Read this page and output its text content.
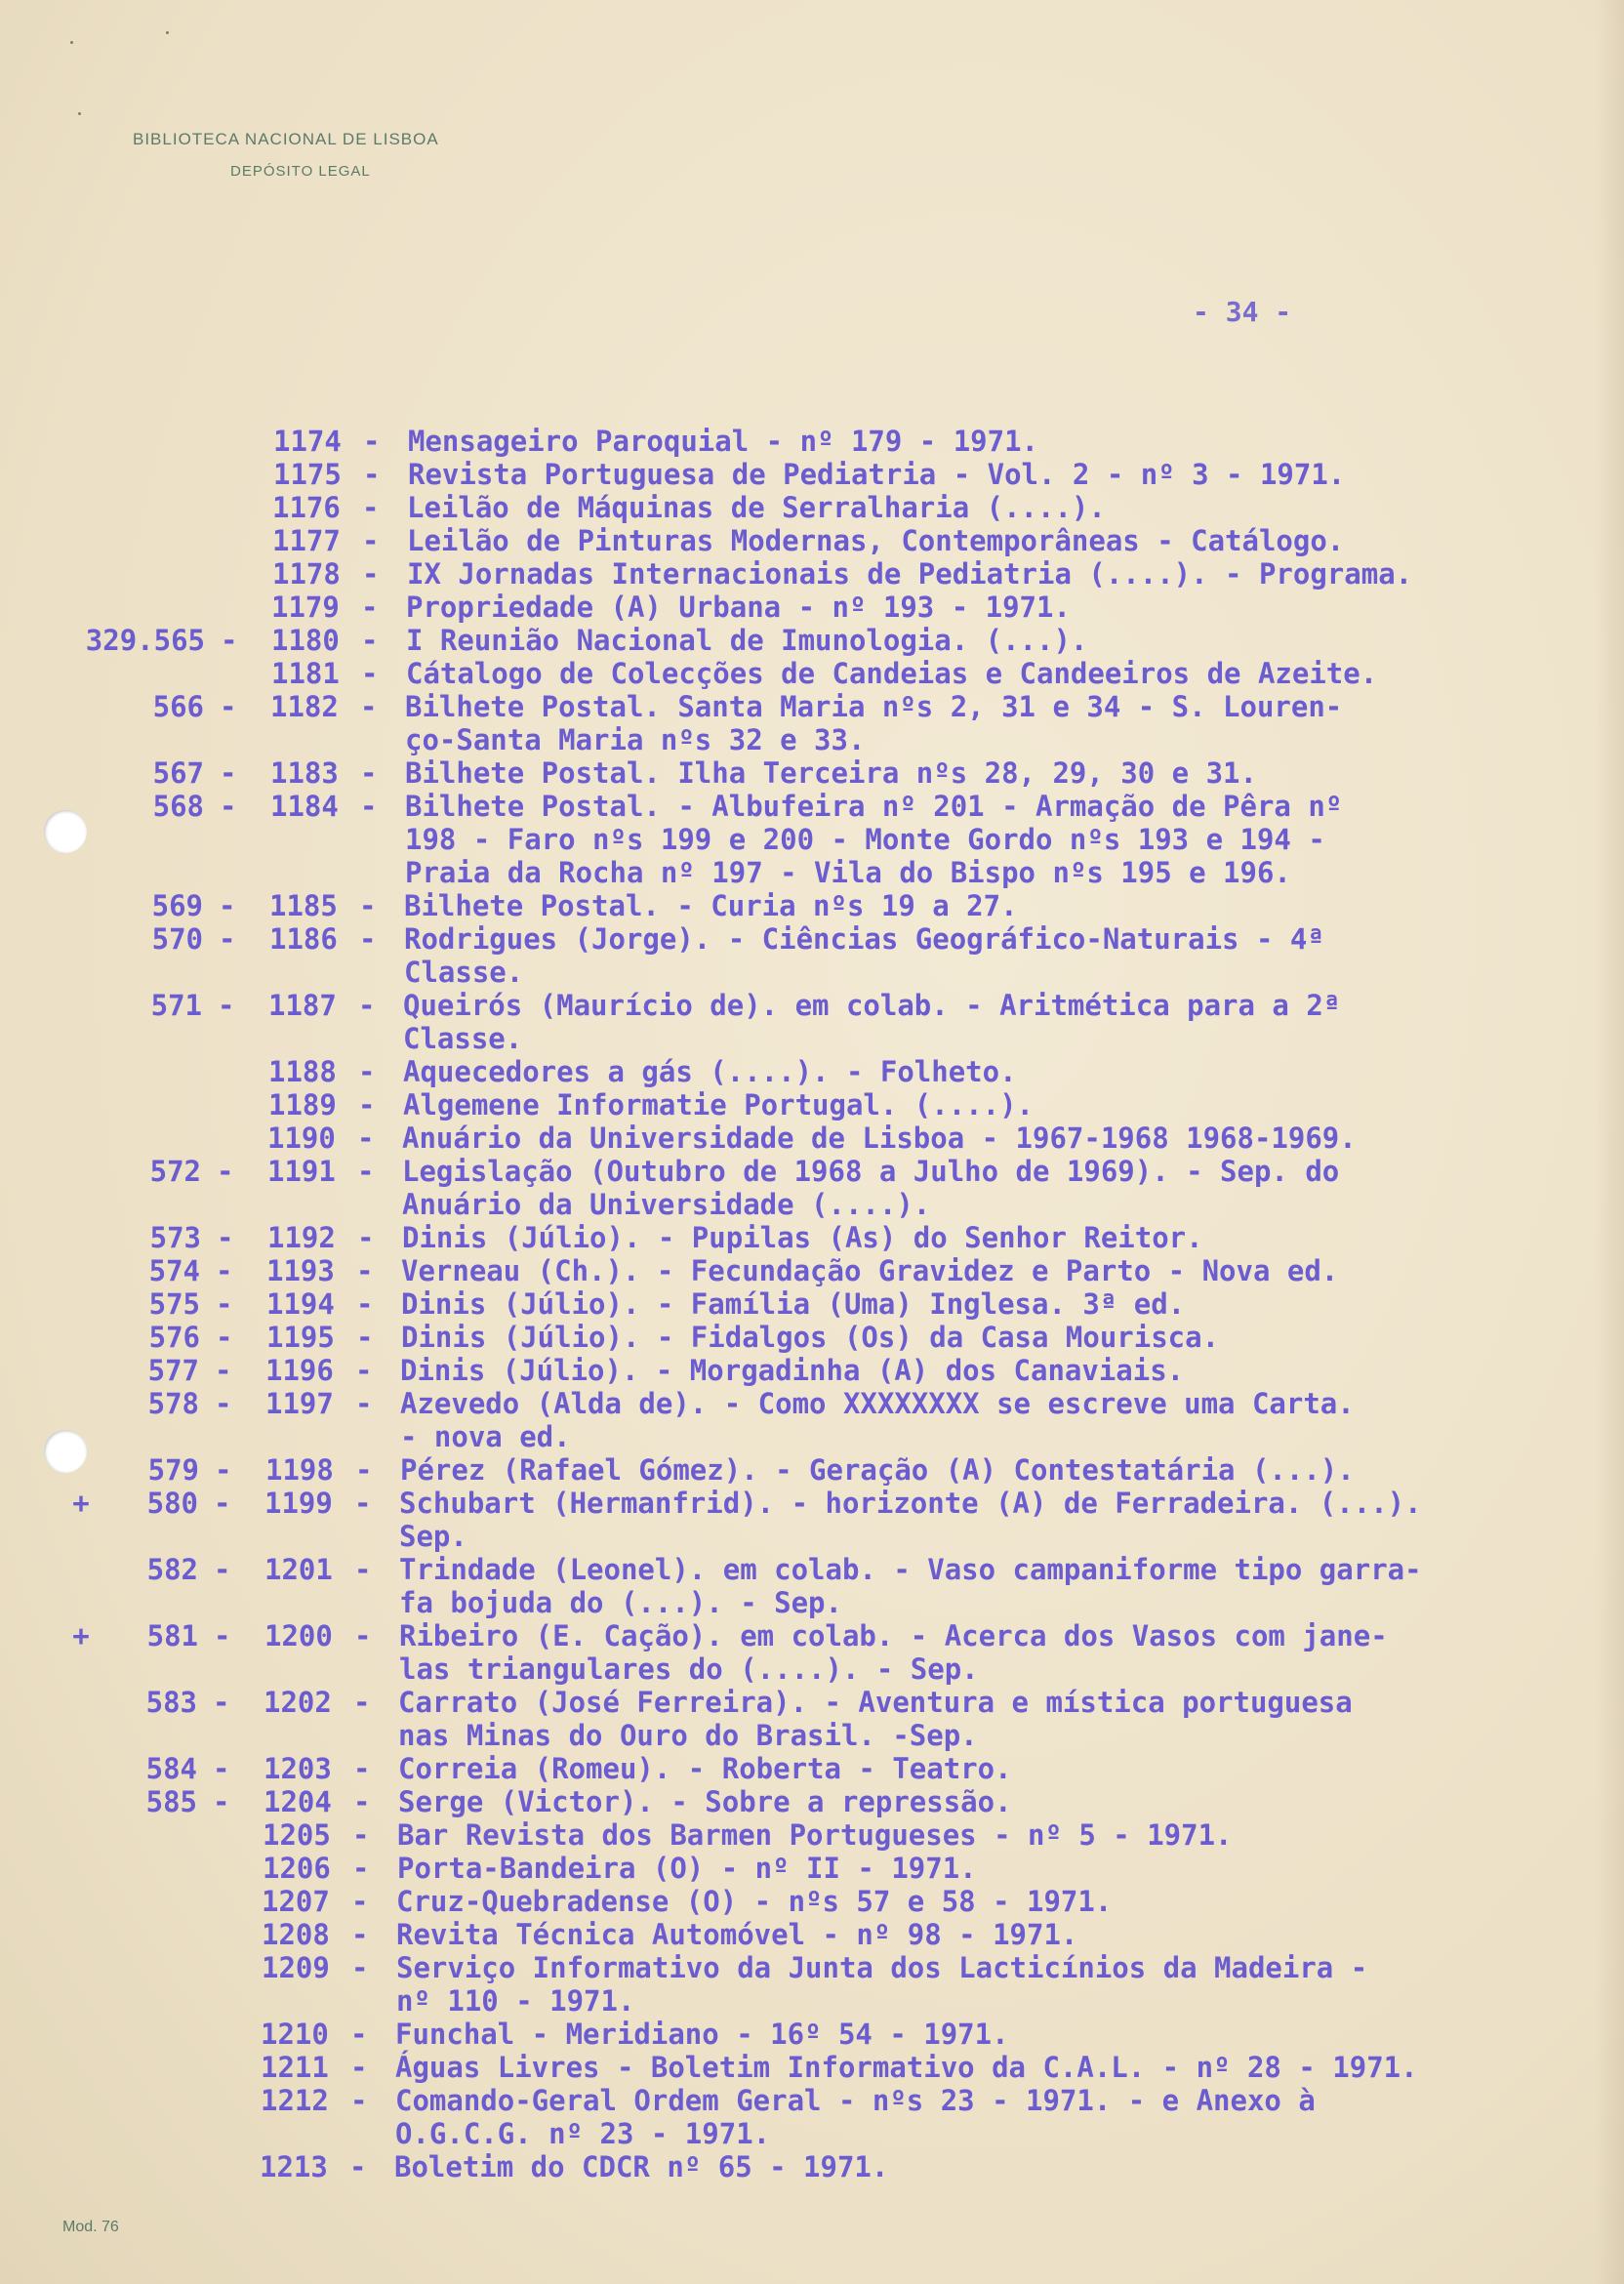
BIBLIOTECA NACIONAL DE LISBOA
DEPÓSITO LEGAL
- 34 -
1174 - Mensageiro Paroquial - nº 179 - 1971.
1175 - Revista Portuguesa de Pediatria - Vol. 2 - nº 3 - 1971.
1176 - Leilão de Máquinas de Serralharia (....).
1177 - Leilão de Pinturas Modernas, Contemporâneas - Catálogo.
1178 - IX Jornadas Internacionais de Pediatria (....). - Programa.
1179 - Propriedade (A) Urbana - nº 193 - 1971.
329.565 - 1180 - I Reunião Nacional de Imunologia. (...).
1181 - Cátalogo de Colecções de Candeias e Candeeiros de Azeite.
566 - 1182 - Bilhete Postal. Santa Maria nºs 2, 31 e 34 - S. Louren-
ço-Santa Maria nºs 32 e 33.
567 - 1183 - Bilhete Postal. Ilha Terceira nºs 28, 29, 30 e 31.
568 - 1184 - Bilhete Postal. - Albufeira nº 201 - Armação de Pêra nº
198 - Faro nºs 199 e 200 - Monte Gordo nºs 193 e 194 -
Praia da Rocha nº 197 - Vila do Bispo nºs 195 e 196.
569 - 1185 - Bilhete Postal. - Curia nºs 19 a 27.
570 - 1186 - Rodrigues (Jorge). - Ciências Geográfico-Naturais - 4ª
Classe.
571 - 1187 - Queirós (Maurício de). em colab. - Aritmética para a 2ª
Classe.
1188 - Aquecedores a gás (....). - Folheto.
1189 - Algemene Informatie Portugal. (....).
1190 - Anuário da Universidade de Lisboa - 1967-1968 1968-1969.
572 - 1191 - Legislação (Outubro de 1968 a Julho de 1969). - Sep. do
Anuário da Universidade (....).
573 - 1192 - Dinis (Júlio). - Pupilas (As) do Senhor Reitor.
574 - 1193 - Verneau (Ch.). - Fecundação Gravidez e Parto - Nova ed.
575 - 1194 - Dinis (Júlio). - Família (Uma) Inglesa. 3ª ed.
576 - 1195 - Dinis (Júlio). - Fidalgos (Os) da Casa Mourisca.
577 - 1196 - Dinis (Júlio). - Morgadinha (A) dos Canaviais.
578 - 1197 - Azevedo (Alda de). - Como XXXXXXXX se escreve uma Carta.
- nova ed.
579 - 1198 - Pérez (Rafael Gómez). - Geração (A) Contestatária (...).
+	580 - 1199 - Schubart (Hermanfrid). - horizonte (A) de Ferradeira. (...).
Sep.
582 - 1201 - Trindade (Leonel). em colab. - Vaso campaniforme tipo garra-
fa bojuda do (...). - Sep.
+	581 - 1200 - Ribeiro (E. Cação). em colab. - Acerca dos Vasos com jane-
las triangulares do (....). - Sep.
583 - 1202 - Carrato (José Ferreira). - Aventura e mística portuguesa
nas Minas do Ouro do Brasil. -Sep.
584 - 1203 - Correia (Romeu). - Roberta - Teatro.
585 - 1204 - Serge (Victor). - Sobre a repressão.
1205 - Bar Revista dos Barmen Portugueses - nº 5 - 1971.
1206 - Porta-Bandeira (O) - nº II - 1971.
1207 - Cruz-Quebradense (O) - nºs 57 e 58 - 1971.
1208 - Revita Técnica Automóvel - nº 98 - 1971.
1209 - Serviço Informativo da Junta dos Lacticínios da Madeira -
nº 110 - 1971.
1210 - Funchal - Meridiano - 16º 54 - 1971.
1211 - Águas Livres - Boletim Informativo da C.A.L. - nº 28 - 1971.
1212 - Comando-Geral Ordem Geral - nºs 23 - 1971. - e Anexo à
O.G.C.G. nº 23 - 1971.
1213 - Boletim do CDCR nº 65 - 1971.
Mod. 76
